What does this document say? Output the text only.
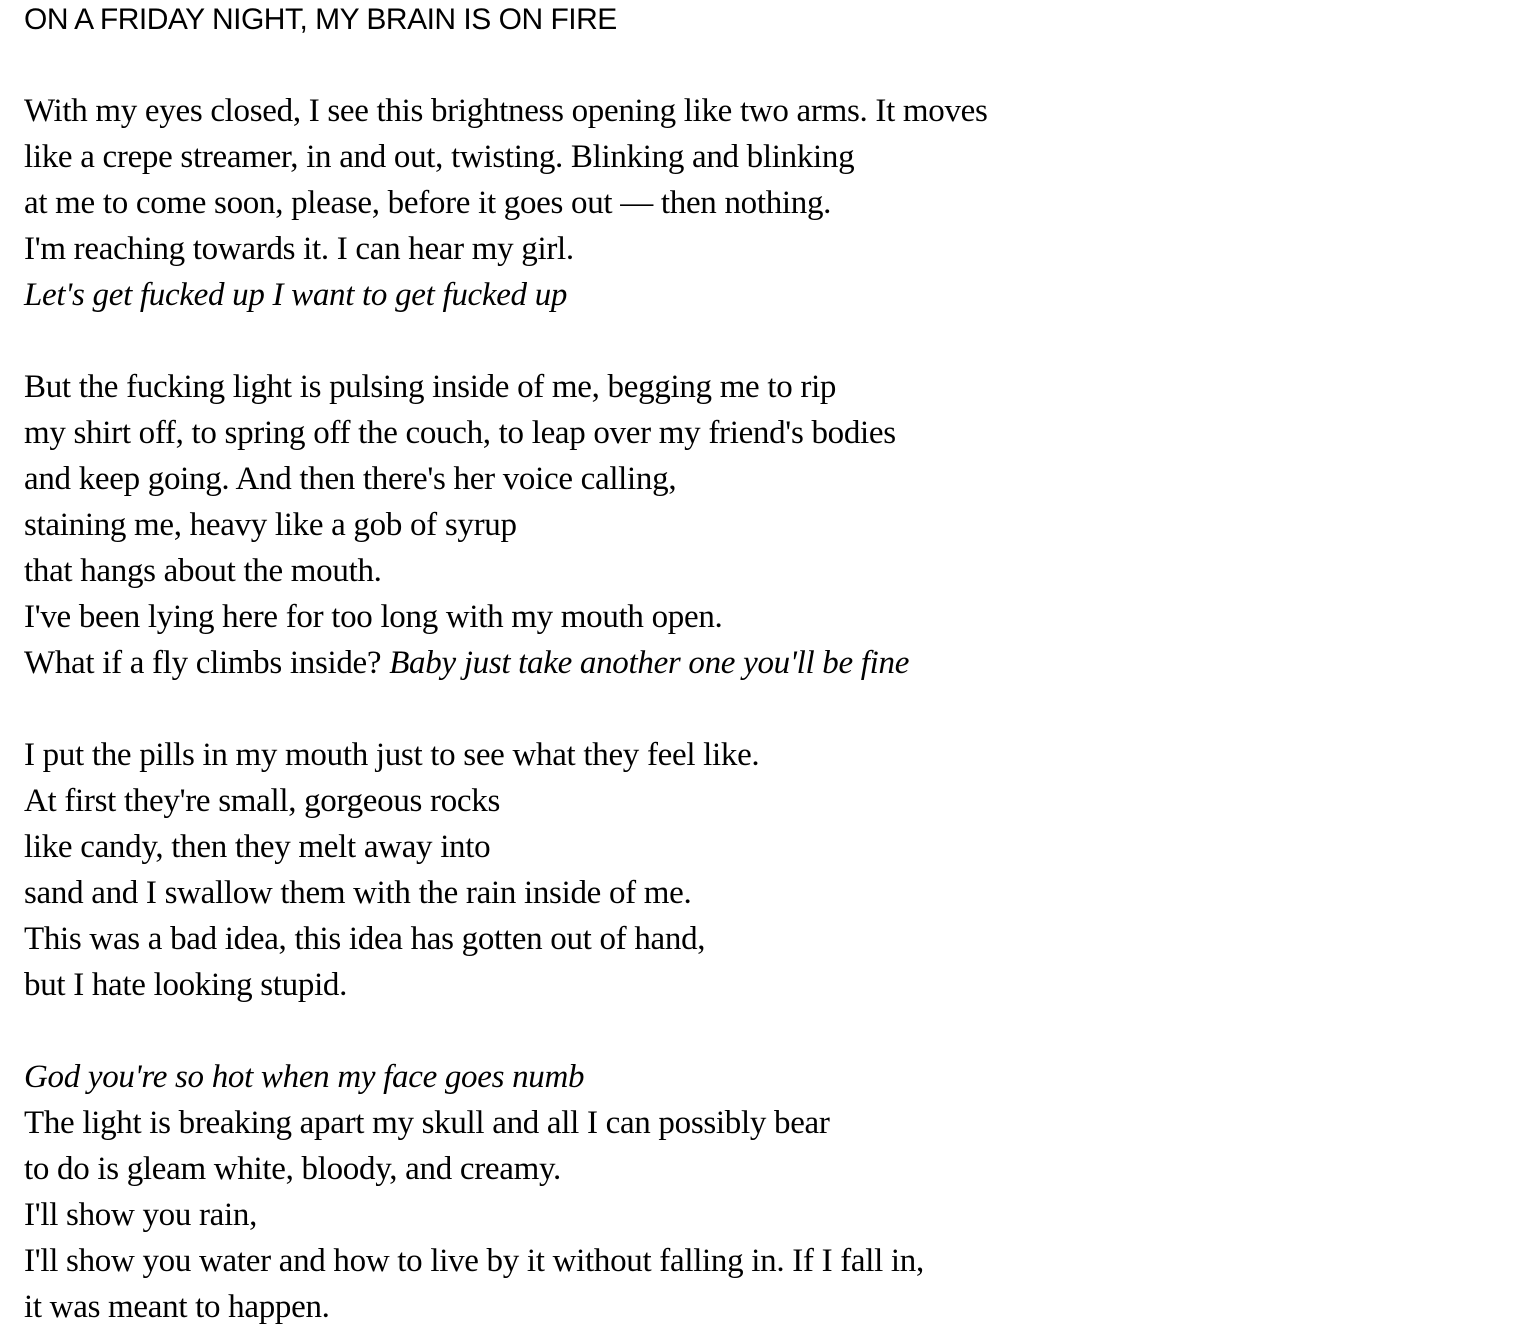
ON A FRIDAY NIGHT, MY BRAIN IS ON FIRE
With my eyes closed, I see this brightness opening like two arms. It moves
like a crepe streamer, in and out, twisting. Blinking and blinking
at me to come soon, please, before it goes out — then nothing.
I'm reaching towards it. I can hear my girl.
Let's get fucked up I want to get fucked up
But the fucking light is pulsing inside of me, begging me to rip
my shirt off, to spring off the couch, to leap over my friend's bodies
and keep going. And then there's her voice calling,
staining me, heavy like a gob of syrup
that hangs about the mouth.
I've been lying here for too long with my mouth open.
What if a fly climbs inside? Baby just take another one you'll be fine
I put the pills in my mouth just to see what they feel like.
At first they're small, gorgeous rocks
like candy, then they melt away into
sand and I swallow them with the rain inside of me.
This was a bad idea, this idea has gotten out of hand,
but I hate looking stupid.
God you're so hot when my face goes numb
The light is breaking apart my skull and all I can possibly bear
to do is gleam white, bloody, and creamy.
I'll show you rain,
I'll show you water and how to live by it without falling in. If I fall in,
it was meant to happen.
